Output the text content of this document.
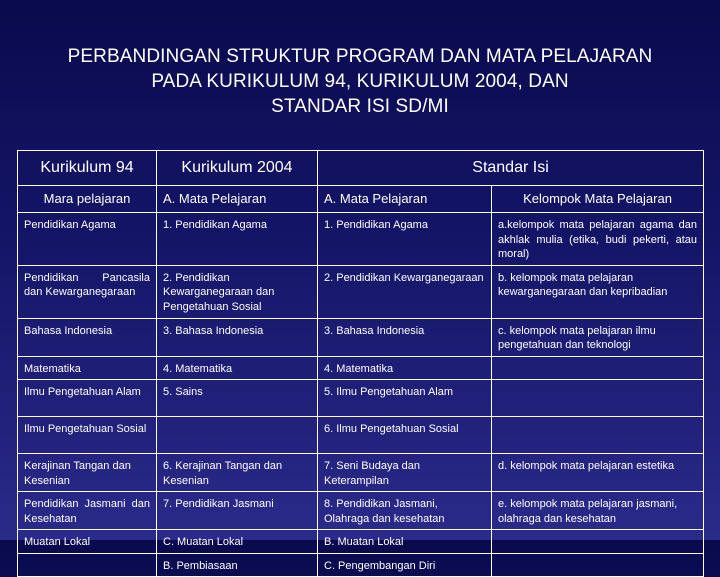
PERBANDINGAN STRUKTUR PROGRAM DAN MATA PELAJARAN
PADA KURIKULUM 94, KURIKULUM 2004, DAN
STANDAR ISI SD/MI
Kurikulum 94	Kurikulum 2004	Standar Isi	
Mara pelajaran	A. Mata Pelajaran	A. Mata Pelajaran	Kelompok Mata Pelajaran
Pendidikan Agama	1. Pendidikan Agama	1. Pendidikan Agama	a.kelompok mata pelajaran agama dan akhlak mulia (etika, budi pekerti, atau moral)
Pendidikan Pancasila dan Kewarganegaraan	2. Pendidikan Kewarganegaraan dan Pengetahuan Sosial	2. Pendidikan Kewarganegaraan	b. kelompok mata pelajaran kewarganegaraan dan kepribadian
Bahasa Indonesia	3. Bahasa Indonesia	3. Bahasa Indonesia	c. kelompok mata pelajaran ilmu pengetahuan dan teknologi
Matematika	4. Matematika	4. Matematika	
Ilmu Pengetahuan Alam	5. Sains	5. Ilmu Pengetahuan Alam	
Ilmu Pengetahuan Sosial		6. Ilmu Pengetahuan Sosial	
Kerajinan Tangan dan Kesenian	6. Kerajinan Tangan dan Kesenian	7. Seni Budaya dan Keterampilan	d. kelompok mata pelajaran estetika
Pendidikan Jasmani dan Kesehatan	7. Pendidikan Jasmani	8. Pendidikan Jasmani, Olahraga dan kesehatan	e. kelompok mata pelajaran jasmani, olahraga dan kesehatan
Muatan Lokal	C. Muatan Lokal	B. Muatan Lokal	
	B. Pembiasaan	C. Pengembangan Diri	
